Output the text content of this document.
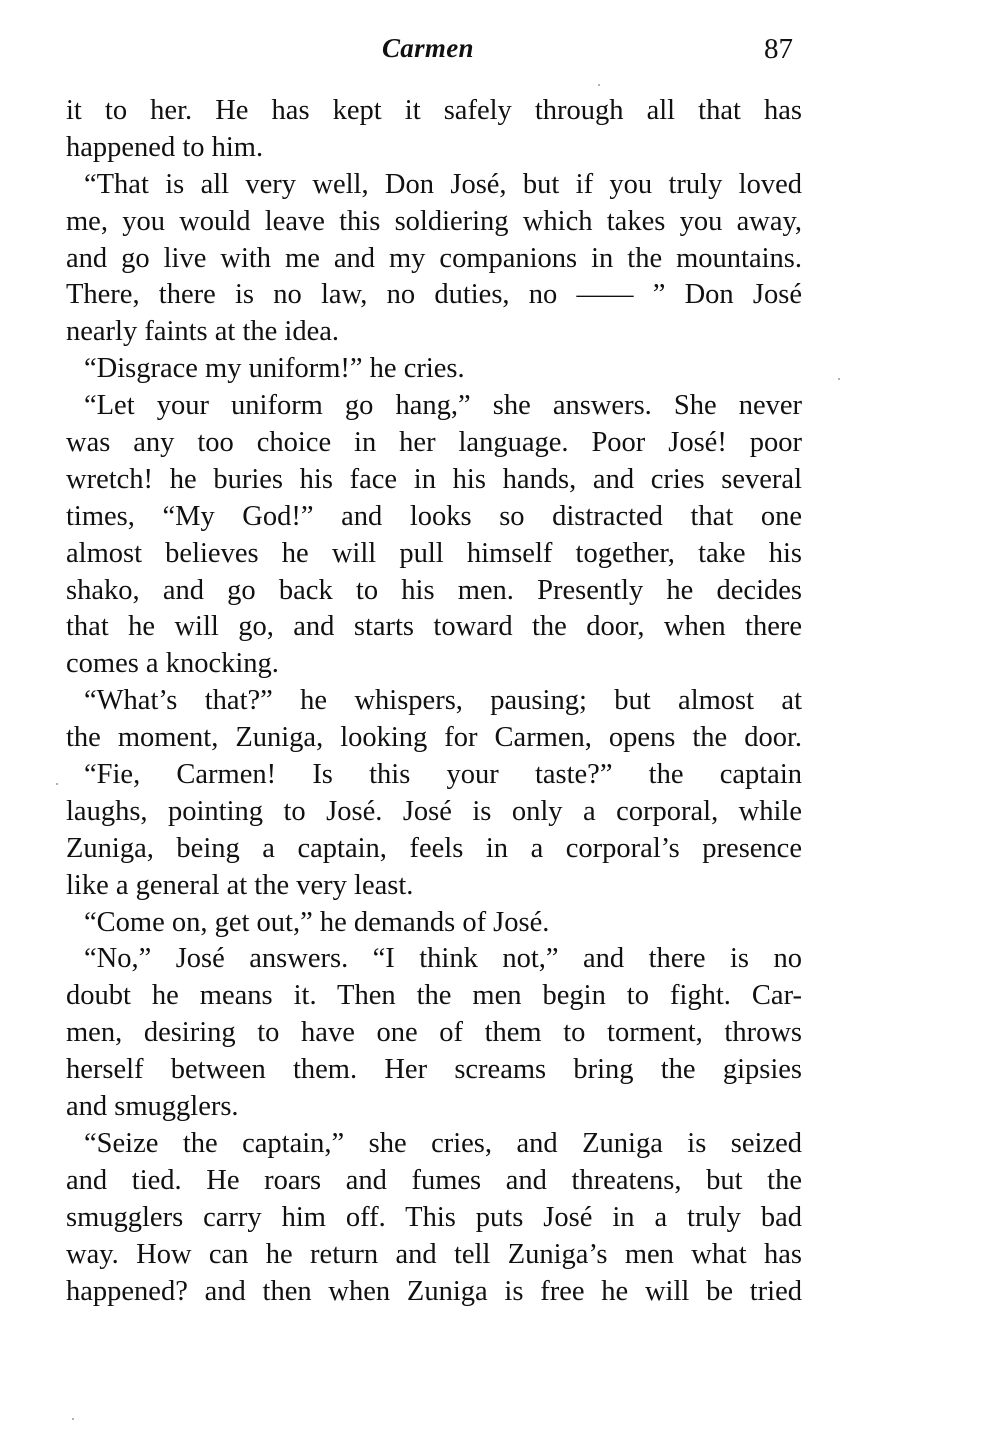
Carmen	87
it to her. He has kept it safely through all that has
happened to him.
“That is all very well, Don José, but if you truly loved
me, you would leave this soldiering which takes you away,
and go live with me and my companions in the mountains.
There, there is no law, no duties, no —— ” Don José
nearly faints at the idea.
“Disgrace my uniform!” he cries.
“Let your uniform go hang,” she answers. She never
was any too choice in her language. Poor José! poor
wretch! he buries his face in his hands, and cries several
times, “My God!” and looks so distracted that one
almost believes he will pull himself together, take his
shako, and go back to his men. Presently he decides
that he will go, and starts toward the door, when there
comes a knocking.
“What’s that?” he whispers, pausing; but almost at
the moment, Zuniga, looking for Carmen, opens the door.
“Fie, Carmen! Is this your taste?” the captain
laughs, pointing to José. José is only a corporal, while
Zuniga, being a captain, feels in a corporal’s presence
like a general at the very least.
“Come on, get out,” he demands of José.
“No,” José answers. “I think not,” and there is no
doubt he means it. Then the men begin to fight. Car-
men, desiring to have one of them to torment, throws
herself between them. Her screams bring the gipsies
and smugglers.
“Seize the captain,” she cries, and Zuniga is seized
and tied. He roars and fumes and threatens, but the
smugglers carry him off. This puts José in a truly bad
way. How can he return and tell Zuniga’s men what has
happened? and then when Zuniga is free he will be tried
